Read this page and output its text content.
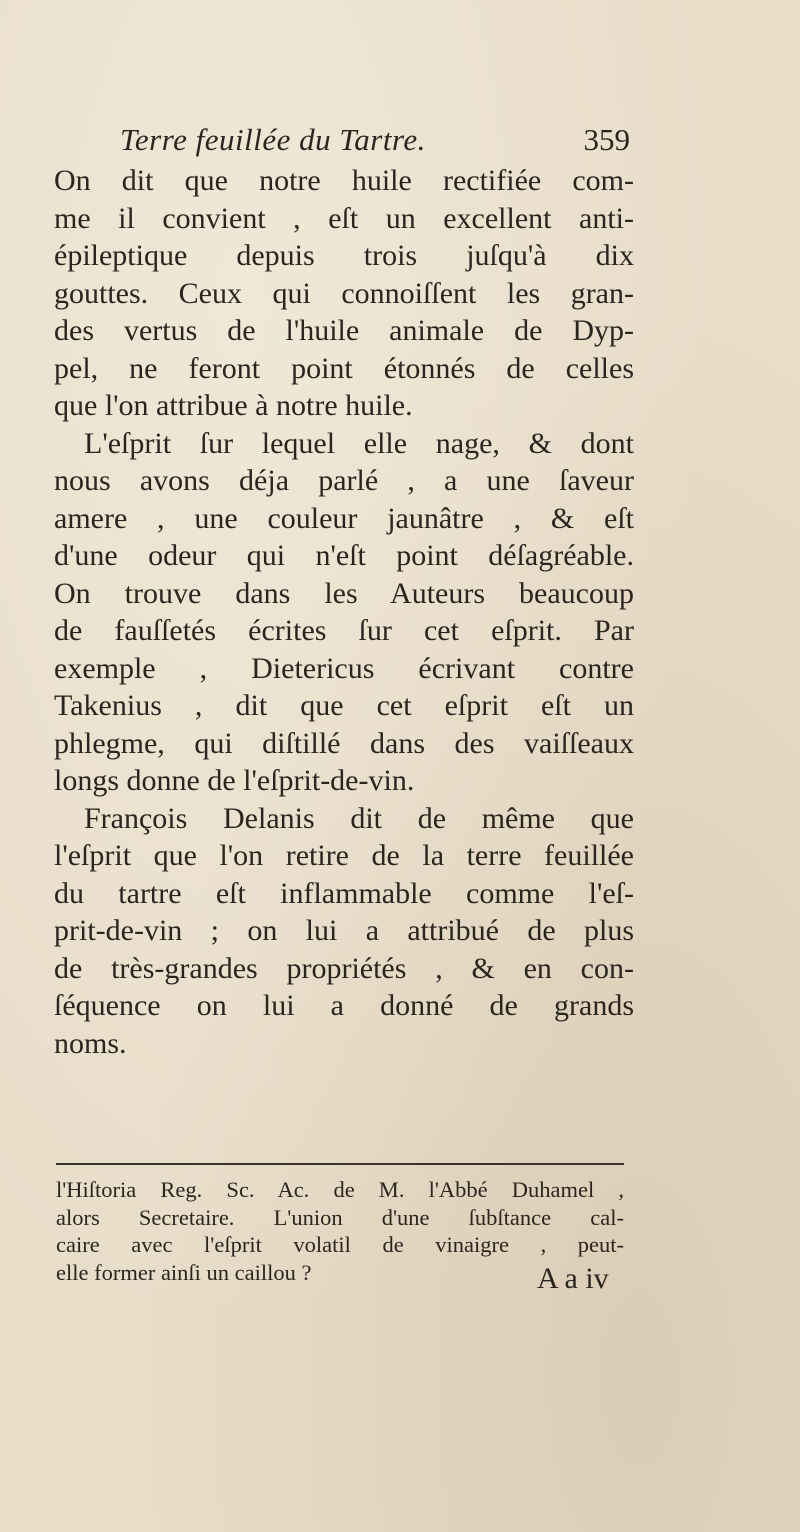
Terre feuillée du Tartre.	359
On dit que notre huile rectifiée com-
me il convient , eſt un excellent anti-
épileptique depuis trois juſqu'à dix
gouttes. Ceux qui connoiſſent les gran-
des vertus de l'huile animale de Dyp-
pel, ne feront point étonnés de celles
que l'on attribue à notre huile.
L'eſprit ſur lequel elle nage, & dont
nous avons déja parlé , a une ſaveur
amere , une couleur jaunâtre , & eſt
d'une odeur qui n'eſt point déſagréable.
On trouve dans les Auteurs beaucoup
de fauſſetés écrites ſur cet eſprit. Par
exemple , Dietericus écrivant contre
Takenius , dit que cet eſprit eſt un
phlegme, qui diſtillé dans des vaiſſeaux
longs donne de l'eſprit-de-vin.
François Delanis dit de même que
l'eſprit que l'on retire de la terre feuillée
du tartre eſt inflammable comme l'eſ-
prit-de-vin ; on lui a attribué de plus
de très-grandes propriétés , & en con-
ſéquence on lui a donné de grands
noms.
l'Hiſtoria Reg. Sc. Ac. de M. l'Abbé Duhamel ,
alors Secretaire. L'union d'une ſubſtance cal-
caire avec l'eſprit volatil de vinaigre , peut-
elle former ainſi un caillou ?	A a iv
